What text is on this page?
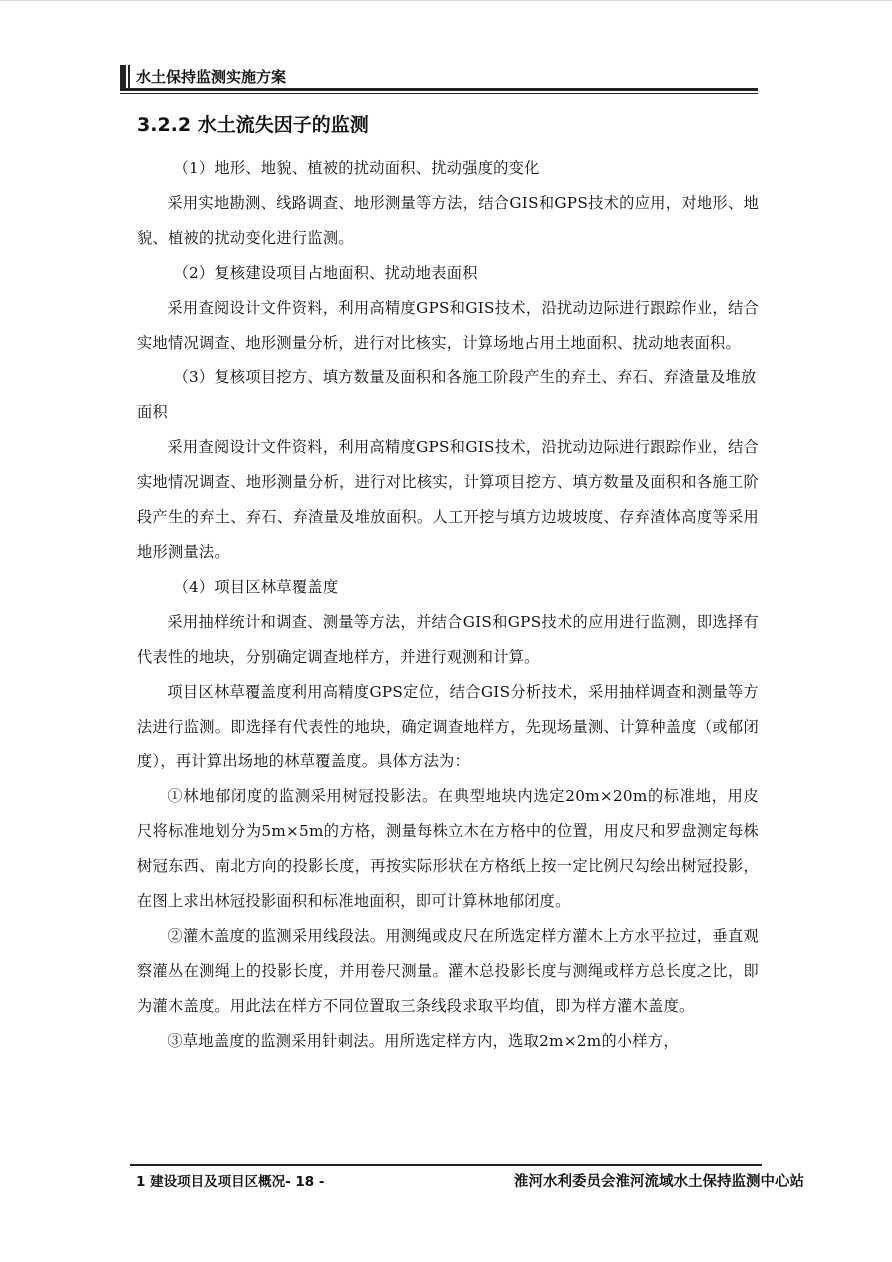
水土保持监测实施方案
3.2.2 水土流失因子的监测

（1）地形、地貌、植被的扰动面积、扰动强度的变化

采用实地勘测、线路调查、地形测量等方法，结合GIS和GPS技术的应用，对地形、地貌、植被的扰动变化进行监测。

（2）复核建设项目占地面积、扰动地表面积

采用查阅设计文件资料，利用高精度GPS和GIS技术，沿扰动边际进行跟踪作业，结合实地情况调查、地形测量分析，进行对比核实，计算场地占用土地面积、扰动地表面积。

（3）复核项目挖方、填方数量及面积和各施工阶段产生的弃土、弃石、弃渣量及堆放面积

采用查阅设计文件资料，利用高精度GPS和GIS技术，沿扰动边际进行跟踪作业，结合实地情况调查、地形测量分析，进行对比核实，计算项目挖方、填方数量及面积和各施工阶段产生的弃土、弃石、弃渣量及堆放面积。人工开挖与填方边坡坡度、存弃渣体高度等采用地形测量法。

（4）项目区林草覆盖度

采用抽样统计和调查、测量等方法，并结合GIS和GPS技术的应用进行监测，即选择有代表性的地块，分别确定调查地样方，并进行观测和计算。

项目区林草覆盖度利用高精度GPS定位，结合GIS分析技术，采用抽样调查和测量等方法进行监测。即选择有代表性的地块，确定调查地样方，先现场量测、计算种盖度（或郁闭度），再计算出场地的林草覆盖度。具体方法为：

①林地郁闭度的监测采用树冠投影法。在典型地块内选定20m×20m的标准地，用皮尺将标准地划分为5m×5m的方格，测量每株立木在方格中的位置，用皮尺和罗盘测定每株树冠东西、南北方向的投影长度，再按实际形状在方格纸上按一定比例尺勾绘出树冠投影，在图上求出林冠投影面积和标准地面积，即可计算林地郁闭度。

②灌木盖度的监测采用线段法。用测绳或皮尺在所选定样方灌木上方水平拉过，垂直观察灌丛在测绳上的投影长度，并用卷尺测量。灌木总投影长度与测绳或样方总长度之比，即为灌木盖度。用此法在样方不同位置取三条线段求取平均值，即为样方灌木盖度。

③草地盖度的监测采用针刺法。用所选定样方内，选取2m×2m的小样方，

1 建设项目及项目区概况- 18 -	淮河水利委员会淮河流域水土保持监测中心站
